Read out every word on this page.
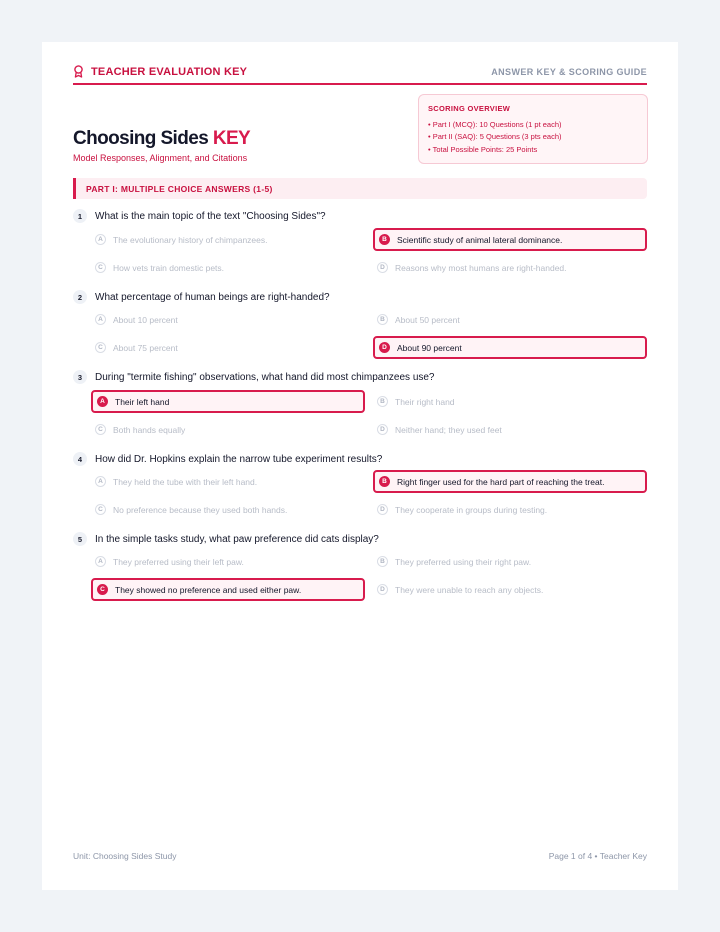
TEACHER EVALUATION KEY	ANSWER KEY & SCORING GUIDE
Choosing Sides KEY
Model Responses, Alignment, and Citations
SCORING OVERVIEW
• Part I (MCQ): 10 Questions (1 pt each)
• Part II (SAQ): 5 Questions (3 pts each)
• Total Possible Points: 25 Points
PART I: MULTIPLE CHOICE ANSWERS (1-5)
1	What is the main topic of the text "Choosing Sides"?
A	The evolutionary history of chimpanzees.	B	Scientific study of animal lateral dominance.
C	How vets train domestic pets.	D	Reasons why most humans are right-handed.
2	What percentage of human beings are right-handed?
A	About 10 percent	B	About 50 percent
C	About 75 percent	D	About 90 percent
3	During "termite fishing" observations, what hand did most chimpanzees use?
A	Their left hand	B	Their right hand
C	Both hands equally	D	Neither hand; they used feet
4	How did Dr. Hopkins explain the narrow tube experiment results?
A	They held the tube with their left hand.	B	Right finger used for the hard part of reaching the treat.
C	No preference because they used both hands.	D	They cooperate in groups during testing.
5	In the simple tasks study, what paw preference did cats display?
A	They preferred using their left paw.	B	They preferred using their right paw.
C	They showed no preference and used either paw.	D	They were unable to reach any objects.
Unit: Choosing Sides Study	Page 1 of 4 • Teacher Key
